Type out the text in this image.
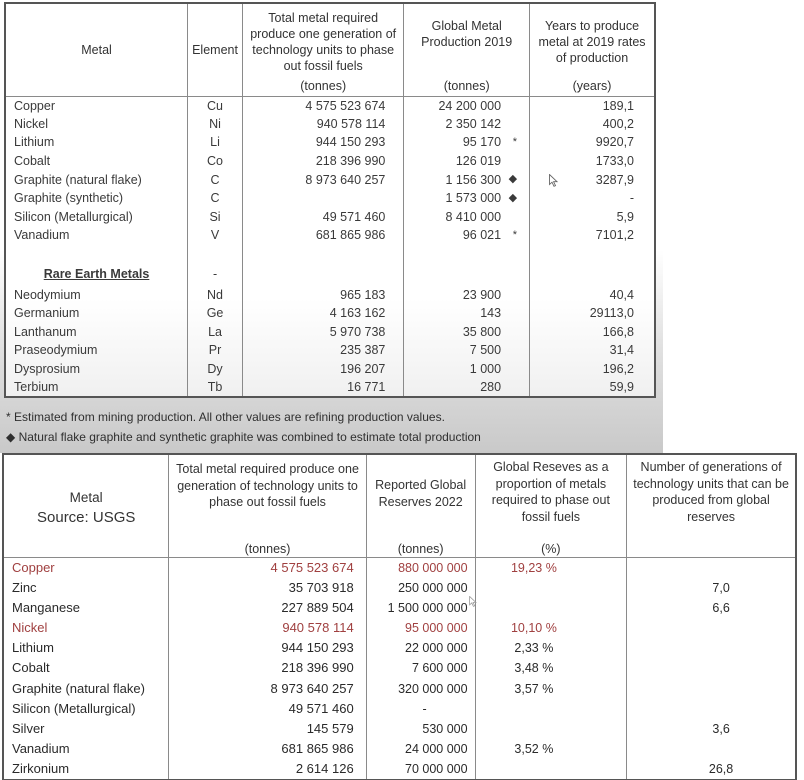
Metal	Element	Total metal required produce one generation of technology units to phase out fossil fuels
(tonnes)	Global Metal Production 2019
(tonnes)	Years to produce metal at 2019 rates of production
(years)

Copper	Cu	4 575 523 674	24 200 000	189,1
Nickel	Ni	940 578 114	2 350 142	400,2
Lithium	Li	944 150 293	95 170 *	9920,7
Cobalt	Co	218 396 990	126 019	1733,0
Graphite (natural flake)	C	8 973 640 257	1 156 300 ◆	3287,9
Graphite (synthetic)	C		1 573 000 ◆	-
Silicon (Metallurgical)	Si	49 571 460	8 410 000	5,9
Vanadium	V	681 865 986	96 021 *	7101,2

Rare Earth Metals	-			
Neodymium	Nd	965 183	23 900	40,4
Germanium	Ge	4 163 162	143	29113,0
Lanthanum	La	5 970 738	35 800	166,8
Praseodymium	Pr	235 387	7 500	31,4
Dysprosium	Dy	196 207	1 000	196,2
Terbium	Tb	16 771	280	59,9
* Estimated from mining production. All other values are refining production values.
◆ Natural flake graphite and synthetic graphite was combined to estimate total production
Metal
Source: USGS	Total metal required produce one generation of technology units to phase out fossil fuels
(tonnes)	Reported Global Reserves 2022
(tonnes)	Global Reseves as a proportion of metals required to phase out fossil fuels
(%)	Number of generations of technology units that can be produced from global reserves

Copper	4 575 523 674	880 000 000	19,23 %	
Zinc	35 703 918	250 000 000		7,0
Manganese	227 889 504	1 500 000 000		6,6
Nickel	940 578 114	95 000 000	10,10 %	
Lithium	944 150 293	22 000 000	2,33 %	
Cobalt	218 396 990	7 600 000	3,48 %	
Graphite (natural flake)	8 973 640 257	320 000 000	3,57 %	
Silicon (Metallurgical)	49 571 460	-		
Silver	145 579	530 000		3,6
Vanadium	681 865 986	24 000 000	3,52 %	
Zirkonium	2 614 126	70 000 000		26,8
